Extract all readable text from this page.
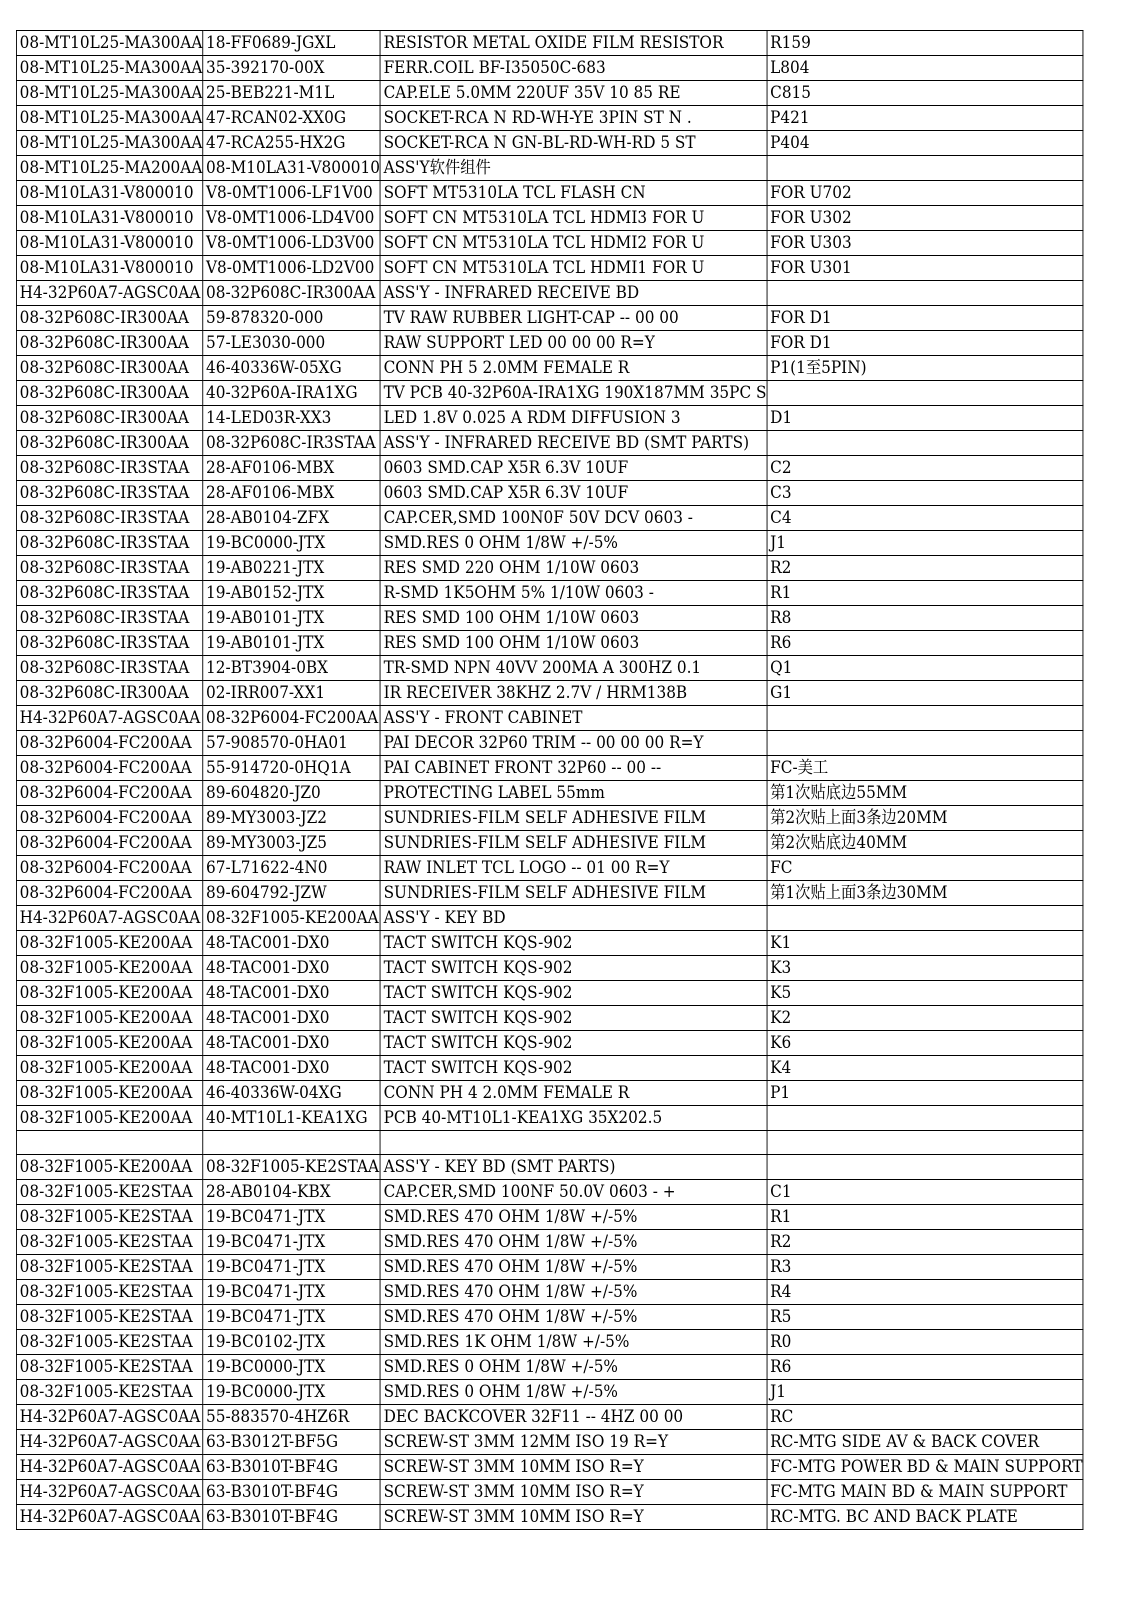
08-MT10L25-MA300AA	18-FF0689-JGXL	RESISTOR METAL OXIDE FILM RESISTOR	R159
08-MT10L25-MA300AA	35-392170-00X	FERR.COIL BF-I35050C-683	L804
08-MT10L25-MA300AA	25-BEB221-M1L	CAP.ELE 5.0MM 220UF 35V 10 85 RE	C815
08-MT10L25-MA300AA	47-RCAN02-XX0G	SOCKET-RCA N RD-WH-YE 3PIN ST N .	P421
08-MT10L25-MA300AA	47-RCA255-HX2G	SOCKET-RCA N GN-BL-RD-WH-RD 5 ST	P404
08-MT10L25-MA200AA	08-M10LA31-V800010	ASS'Y软件组件	
08-M10LA31-V800010	V8-0MT1006-LF1V00	SOFT MT5310LA TCL FLASH CN	FOR U702
08-M10LA31-V800010	V8-0MT1006-LD4V00	SOFT CN MT5310LA TCL HDMI3 FOR U	FOR U302
08-M10LA31-V800010	V8-0MT1006-LD3V00	SOFT CN MT5310LA TCL HDMI2 FOR U	FOR U303
08-M10LA31-V800010	V8-0MT1006-LD2V00	SOFT CN MT5310LA TCL HDMI1 FOR U	FOR U301
H4-32P60A7-AGSC0AA	08-32P608C-IR300AA	ASS'Y - INFRARED RECEIVE BD	
08-32P608C-IR300AA	59-878320-000	TV RAW RUBBER LIGHT-CAP -- 00 00	FOR D1
08-32P608C-IR300AA	57-LE3030-000	RAW SUPPORT LED 00 00 00 R=Y	FOR D1
08-32P608C-IR300AA	46-40336W-05XG	CONN PH 5 2.0MM FEMALE R	P1(1至5PIN)
08-32P608C-IR300AA	40-32P60A-IRA1XG	TV PCB 40-32P60A-IRA1XG 190X187MM 35PC S	
08-32P608C-IR300AA	14-LED03R-XX3	LED 1.8V 0.025 A RDM DIFFUSION 3	D1
08-32P608C-IR300AA	08-32P608C-IR3STAA	ASS'Y - INFRARED RECEIVE BD (SMT PARTS)	
08-32P608C-IR3STAA	28-AF0106-MBX	0603 SMD.CAP X5R 6.3V 10UF	C2
08-32P608C-IR3STAA	28-AF0106-MBX	0603 SMD.CAP X5R 6.3V 10UF	C3
08-32P608C-IR3STAA	28-AB0104-ZFX	CAP.CER,SMD 100N0F 50V DCV 0603 -	C4
08-32P608C-IR3STAA	19-BC0000-JTX	SMD.RES 0 OHM 1/8W +/-5%	J1
08-32P608C-IR3STAA	19-AB0221-JTX	RES SMD 220 OHM 1/10W 0603	R2
08-32P608C-IR3STAA	19-AB0152-JTX	R-SMD 1K5OHM 5% 1/10W 0603 -	R1
08-32P608C-IR3STAA	19-AB0101-JTX	RES SMD 100 OHM 1/10W 0603	R8
08-32P608C-IR3STAA	19-AB0101-JTX	RES SMD 100 OHM 1/10W 0603	R6
08-32P608C-IR3STAA	12-BT3904-0BX	TR-SMD NPN 40VV 200MA A 300HZ 0.1	Q1
08-32P608C-IR300AA	02-IRR007-XX1	IR RECEIVER 38KHZ 2.7V / HRM138B	G1
H4-32P60A7-AGSC0AA	08-32P6004-FC200AA	ASS'Y - FRONT CABINET	
08-32P6004-FC200AA	57-908570-0HA01	PAI DECOR 32P60 TRIM -- 00 00 00 R=Y	
08-32P6004-FC200AA	55-914720-0HQ1A	PAI CABINET FRONT 32P60 -- 00 --	FC-美工
08-32P6004-FC200AA	89-604820-JZ0	PROTECTING LABEL 55mm	第1次贴底边55MM
08-32P6004-FC200AA	89-MY3003-JZ2	SUNDRIES-FILM SELF ADHESIVE FILM	第2次贴上面3条边20MM
08-32P6004-FC200AA	89-MY3003-JZ5	SUNDRIES-FILM SELF ADHESIVE FILM	第2次贴底边40MM
08-32P6004-FC200AA	67-L71622-4N0	RAW INLET TCL LOGO -- 01 00 R=Y	FC
08-32P6004-FC200AA	89-604792-JZW	SUNDRIES-FILM SELF ADHESIVE FILM	第1次贴上面3条边30MM
H4-32P60A7-AGSC0AA	08-32F1005-KE200AA	ASS'Y - KEY BD	
08-32F1005-KE200AA	48-TAC001-DX0	TACT SWITCH KQS-902	K1
08-32F1005-KE200AA	48-TAC001-DX0	TACT SWITCH KQS-902	K3
08-32F1005-KE200AA	48-TAC001-DX0	TACT SWITCH KQS-902	K5
08-32F1005-KE200AA	48-TAC001-DX0	TACT SWITCH KQS-902	K2
08-32F1005-KE200AA	48-TAC001-DX0	TACT SWITCH KQS-902	K6
08-32F1005-KE200AA	48-TAC001-DX0	TACT SWITCH KQS-902	K4
08-32F1005-KE200AA	46-40336W-04XG	CONN PH 4 2.0MM FEMALE R	P1
08-32F1005-KE200AA	40-MT10L1-KEA1XG	PCB 40-MT10L1-KEA1XG 35X202.5	

08-32F1005-KE200AA	08-32F1005-KE2STAA	ASS'Y - KEY BD (SMT PARTS)	
08-32F1005-KE2STAA	28-AB0104-KBX	CAP.CER,SMD 100NF 50.0V 0603 - +	C1
08-32F1005-KE2STAA	19-BC0471-JTX	SMD.RES 470 OHM 1/8W +/-5%	R1
08-32F1005-KE2STAA	19-BC0471-JTX	SMD.RES 470 OHM 1/8W +/-5%	R2
08-32F1005-KE2STAA	19-BC0471-JTX	SMD.RES 470 OHM 1/8W +/-5%	R3
08-32F1005-KE2STAA	19-BC0471-JTX	SMD.RES 470 OHM 1/8W +/-5%	R4
08-32F1005-KE2STAA	19-BC0471-JTX	SMD.RES 470 OHM 1/8W +/-5%	R5
08-32F1005-KE2STAA	19-BC0102-JTX	SMD.RES 1K OHM 1/8W +/-5%	R0
08-32F1005-KE2STAA	19-BC0000-JTX	SMD.RES 0 OHM 1/8W +/-5%	R6
08-32F1005-KE2STAA	19-BC0000-JTX	SMD.RES 0 OHM 1/8W +/-5%	J1
H4-32P60A7-AGSC0AA	55-883570-4HZ6R	DEC BACKCOVER 32F11 -- 4HZ 00 00	RC
H4-32P60A7-AGSC0AA	63-B3012T-BF5G	SCREW-ST 3MM 12MM ISO 19 R=Y	RC-MTG SIDE AV & BACK COVER
H4-32P60A7-AGSC0AA	63-B3010T-BF4G	SCREW-ST 3MM 10MM ISO R=Y	FC-MTG POWER BD & MAIN SUPPORT
H4-32P60A7-AGSC0AA	63-B3010T-BF4G	SCREW-ST 3MM 10MM ISO R=Y	FC-MTG MAIN BD & MAIN SUPPORT
H4-32P60A7-AGSC0AA	63-B3010T-BF4G	SCREW-ST 3MM 10MM ISO R=Y	RC-MTG. BC AND BACK PLATE
